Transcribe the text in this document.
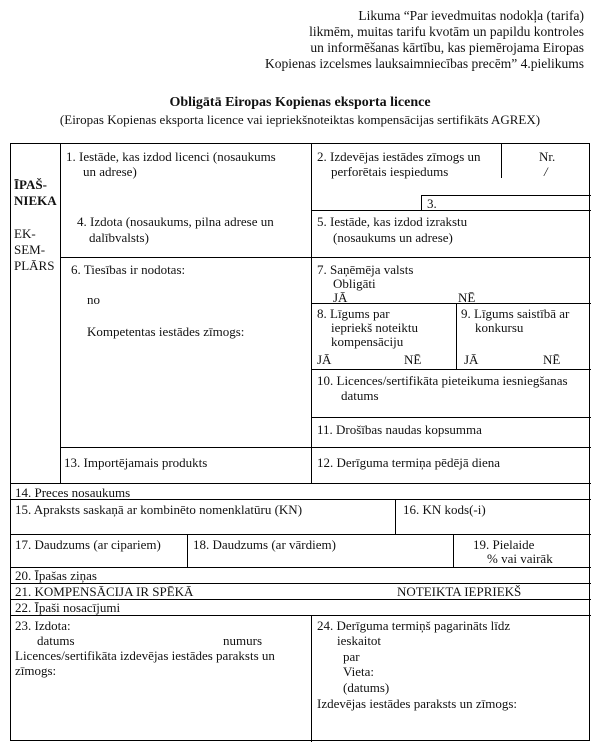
Likuma “Par ievedmuitas nodokļa (tarifa)
likmēm, muitas tarifu kvotām un papildu kontroles
un informēšanas kārtību, kas piemērojama Eiropas
Kopienas izcelsmes lauksaimniecības precēm” 4.pielikums
Obligātā Eiropas Kopienas eksporta licence
(Eiropas Kopienas eksporta licence vai iepriekšnoteiktas kompensācijas sertifikāts AGREX)
ĪPAŠ-
NIEKA
EK-
SEM-
PLĀRS
1. Iestāde, kas izdod licenci (nosaukums
un adrese)
2. Izdevējas iestādes zīmogs un
perforētais iespiedums
Nr.
/
3.
4. Izdota (nosaukums, pilna adrese un
dalībvalsts)
5. Iestāde, kas izdod izrakstu
(nosaukums un adrese)
6. Tiesības ir nodotas:
no
Kompetentas iestādes zīmogs:
7. Saņēmēja valsts
Obligāti
JĀ	NĒ
8. Līgums par
iepriekš noteiktu
kompensāciju
JĀ	NĒ
9. Līgums saistībā ar
konkursu
JĀ	NĒ
10. Licences/sertifikāta pieteikuma iesniegšanas
datums
11. Drošības naudas kopsumma
12. Derīguma termiņa pēdējā diena
13. Importējamais produkts
14. Preces nosaukums
15. Apraksts saskaņā ar kombinēto nomenklatūru (KN)	16. KN kods(-i)
17. Daudzums (ar cipariem) 18. Daudzums (ar vārdiem)	19. Pielaide
% vai vairāk
20. Īpašas ziņas
21. KOMPENSĀCIJA IR SPĒKĀ	NOTEIKTA IEPRIEKŠ
22. Īpaši nosacījumi
23. Izdota:
datums	numurs
Licences/sertifikāta izdevējas iestādes paraksts un
zīmogs:
24. Derīguma termiņš pagarināts līdz
ieskaitot
par
Vieta:
(datums)
Izdevējas iestādes paraksts un zīmogs:
